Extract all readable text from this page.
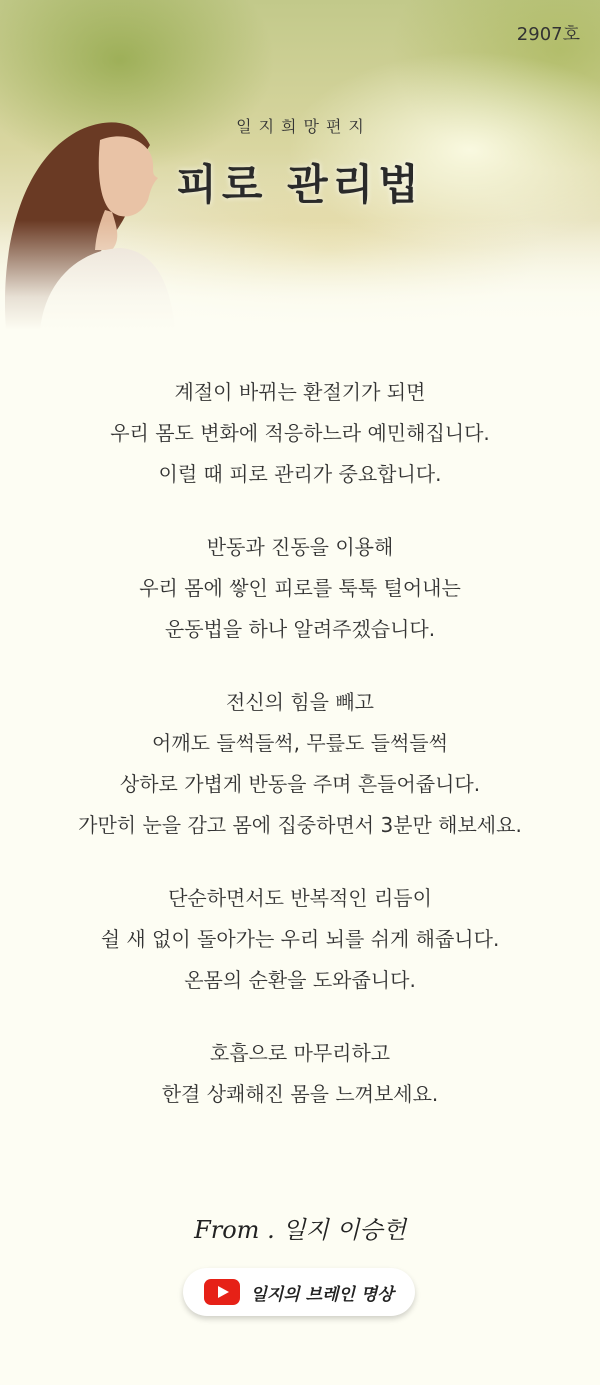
2907호
일지희망편지
피로 관리법
계절이 바뀌는 환절기가 되면
우리 몸도 변화에 적응하느라 예민해집니다.
이럴 때 피로 관리가 중요합니다.
반동과 진동을 이용해
우리 몸에 쌓인 피로를 툭툭 털어내는
운동법을 하나 알려주겠습니다.
전신의 힘을 빼고
어깨도 들썩들썩, 무릎도 들썩들썩
상하로 가볍게 반동을 주며 흔들어줍니다.
가만히 눈을 감고 몸에 집중하면서 3분만 해보세요.
단순하면서도 반복적인 리듬이
쉴 새 없이 돌아가는 우리 뇌를 쉬게 해줍니다.
온몸의 순환을 도와줍니다.
호흡으로 마무리하고
한결 상쾌해진 몸을 느껴보세요.
From . 일지 이승헌
일지의 브레인 명상
